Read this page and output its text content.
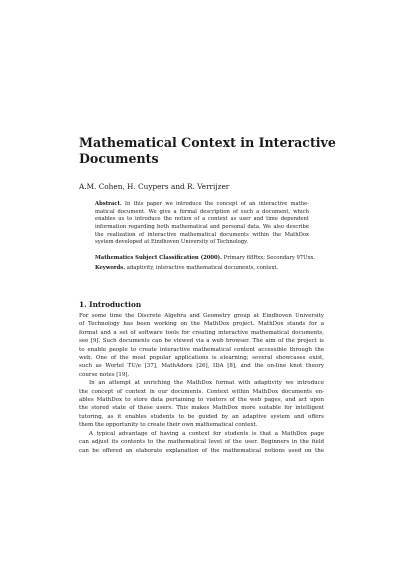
Mathematical Context in Interactive
Documents
A.M. Cohen, H. Cuypers and R. Verrijzer
Abstract. In this paper we introduce the concept of an interactive mathe-
matical document. We give a formal description of such a document, which
enables us to introduce the notion of a context as user and time dependent
information regarding both mathematical and personal data. We also describe
the realization of interactive mathematical documents within the MathDox
system developed at Eindhoven University of Technology.
Mathematics Subject Classification (2000). Primary 68Rxx; Secondary 97Uxx.
Keywords. adaptivity, interactive mathematical documents, context.
1. Introduction
For some time the Discrete Algebra and Geometry group at Eindhoven University
of Technology has been working on the MathDox project. MathDox stands for a
format and a set of software tools for creating interactive mathematical documents,
see [9]. Such documents can be viewed via a web browser. The aim of the project is
to enable people to create interactive mathematical content accessible through the
web. One of the most popular applications is elearning; several showcases exist,
such as Wortel TU/e [37], MathAdore [26], IDA [8], and the on-line knot theory
course notes [19].
In an attempt at enriching the MathDox format with adaptivity we introduce
the concept of context in our documents. Context within MathDox documents en-
ables MathDox to store data pertaining to visitors of the web pages, and act upon
the stored state of these users. This makes MathDox more suitable for intelligent
tutoring, as it enables students to be guided by an adaptive system and offers
them the opportunity to create their own mathematical context.
A typical advantage of having a context for students is that a MathDox page
can adjust its contents to the mathematical level of the user. Beginners in the field
can be offered an elaborate explanation of the mathematical notions used on the
